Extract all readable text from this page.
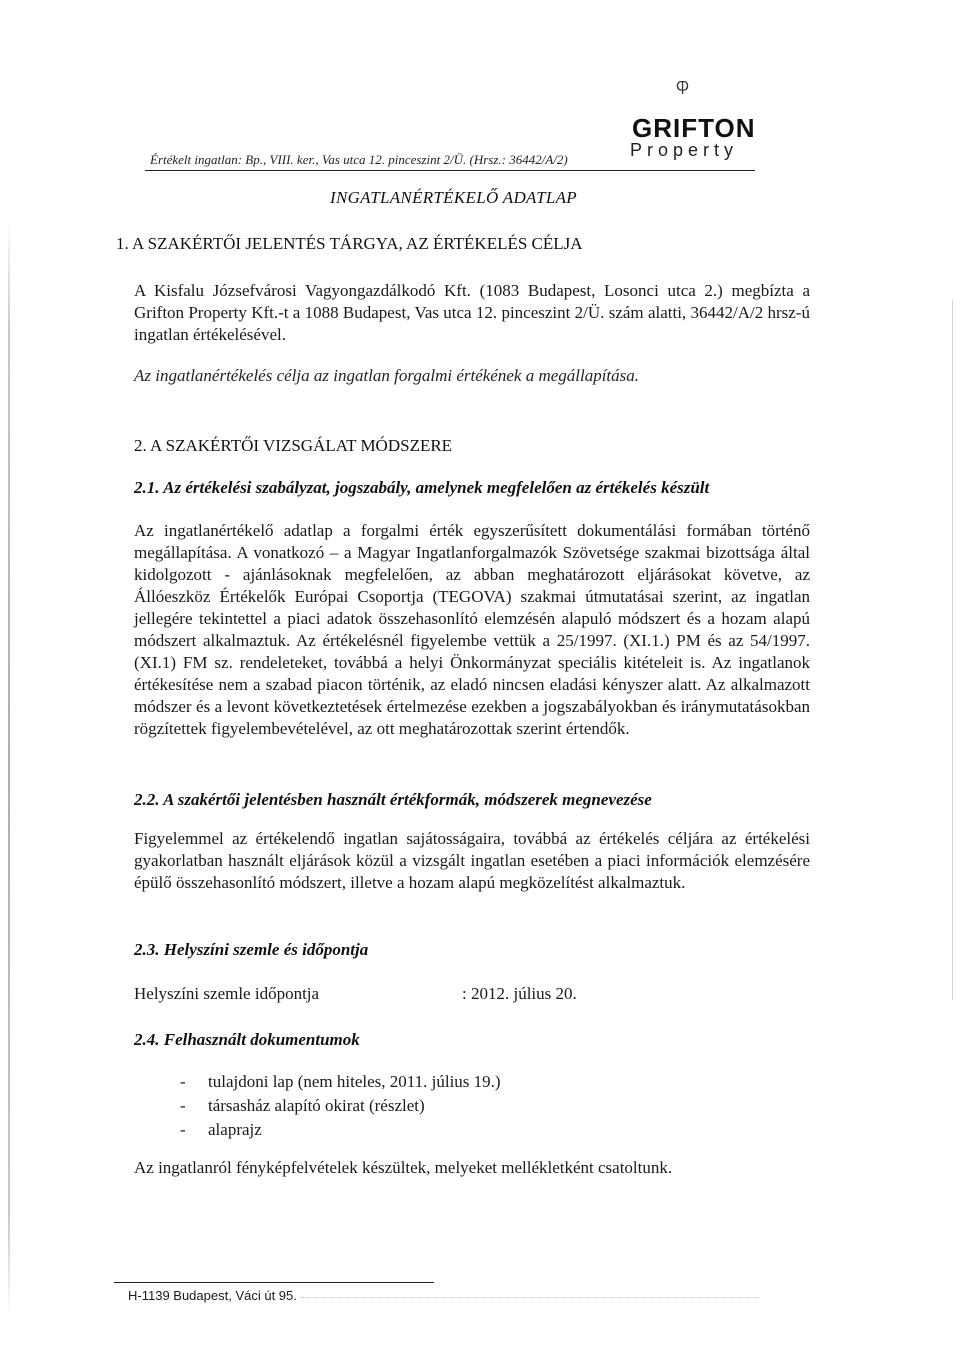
Ⴔ
GRIFTON
Property
Értékelt ingatlan: Bp., VIII. ker., Vas utca 12. pinceszint 2/Ü. (Hrsz.: 36442/A/2)
INGATLANÉRTÉKELŐ ADATLAP
1. A SZAKÉRTŐI JELENTÉS TÁRGYA, AZ ÉRTÉKELÉS CÉLJA
A Kisfalu Józsefvárosi Vagyongazdálkodó Kft. (1083 Budapest, Losonci utca 2.) megbízta a Grifton Property Kft.-t a 1088 Budapest, Vas utca 12. pinceszint 2/Ü. szám alatti, 36442/A/2 hrsz-ú ingatlan értékelésével.
Az ingatlanértékelés célja az ingatlan forgalmi értékének a megállapítása.
2. A SZAKÉRTŐI VIZSGÁLAT MÓDSZERE
2.1. Az értékelési szabályzat, jogszabály, amelynek megfelelően az értékelés készült
Az ingatlanértékelő adatlap a forgalmi érték egyszerűsített dokumentálási formában történő megállapítása. A vonatkozó – a Magyar Ingatlanforgalmazók Szövetsége szakmai bizottsága által kidolgozott - ajánlásoknak megfelelően, az abban meghatározott eljárásokat követve, az Állóeszköz Értékelők Európai Csoportja (TEGOVA) szakmai útmutatásai szerint, az ingatlan jellegére tekintettel a piaci adatok összehasonlító elemzésén alapuló módszert és a hozam alapú módszert alkalmaztuk. Az értékelésnél figyelembe vettük a 25/1997. (XI.1.) PM és az 54/1997. (XI.1) FM sz. rendeleteket, továbbá a helyi Önkormányzat speciális kitételeit is. Az ingatlanok értékesítése nem a szabad piacon történik, az eladó nincsen eladási kényszer alatt. Az alkalmazott módszer és a levont következtetések értelmezése ezekben a jogszabályokban és iránymutatásokban rögzítettek figyelembevételével, az ott meghatározottak szerint értendők.
2.2. A szakértői jelentésben használt értékformák, módszerek megnevezése
Figyelemmel az értékelendő ingatlan sajátosságaira, továbbá az értékelés céljára az értékelési gyakorlatban használt eljárások közül a vizsgált ingatlan esetében a piaci információk elemzésére épülő összehasonlító módszert, illetve a hozam alapú megközelítést alkalmaztuk.
2.3. Helyszíni szemle és időpontja
Helyszíni szemle időpontja	: 2012. július 20.
2.4. Felhasznált dokumentumok
- tulajdoni lap (nem hiteles, 2011. július 19.)
- társasház alapító okirat (részlet)
- alaprajz
Az ingatlanról fényképfelvételek készültek, melyeket mellékletként csatoltunk.
H-1139 Budapest, Váci út 95.
